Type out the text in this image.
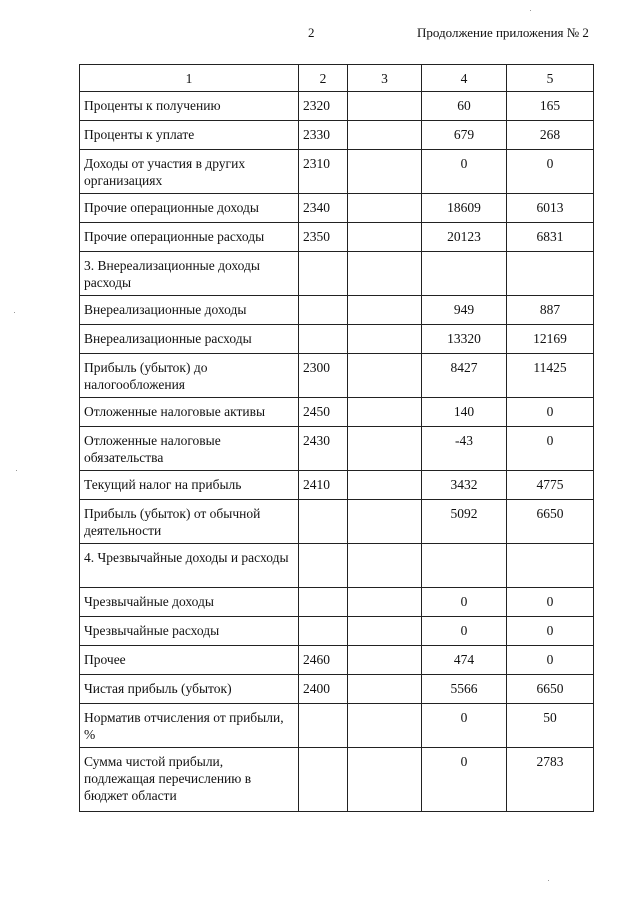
2	Продолжение приложения № 2
1	2	3	4	5
Проценты к получению	2320		60	165
Проценты к уплате	2330		679	268
Доходы от участия в других организациях	2310		0	0
Прочие операционные доходы	2340		18609	6013
Прочие операционные расходы	2350		20123	6831
3. Внереализационные доходы расходы				
Внереализационные доходы			949	887
Внереализационные расходы			13320	12169
Прибыль (убыток) до налогообложения	2300		8427	11425
Отложенные налоговые активы	2450		140	0
Отложенные налоговые обязательства	2430		-43	0
Текущий налог на прибыль	2410		3432	4775
Прибыль (убыток) от обычной деятельности			5092	6650
4. Чрезвычайные доходы и расходы				
Чрезвычайные доходы			0	0
Чрезвычайные расходы			0	0
Прочее	2460		474	0
Чистая прибыль (убыток)	2400		5566	6650
Норматив отчисления от прибыли, %			0	50
Сумма чистой прибыли, подлежащая перечислению в бюджет области			0	2783
